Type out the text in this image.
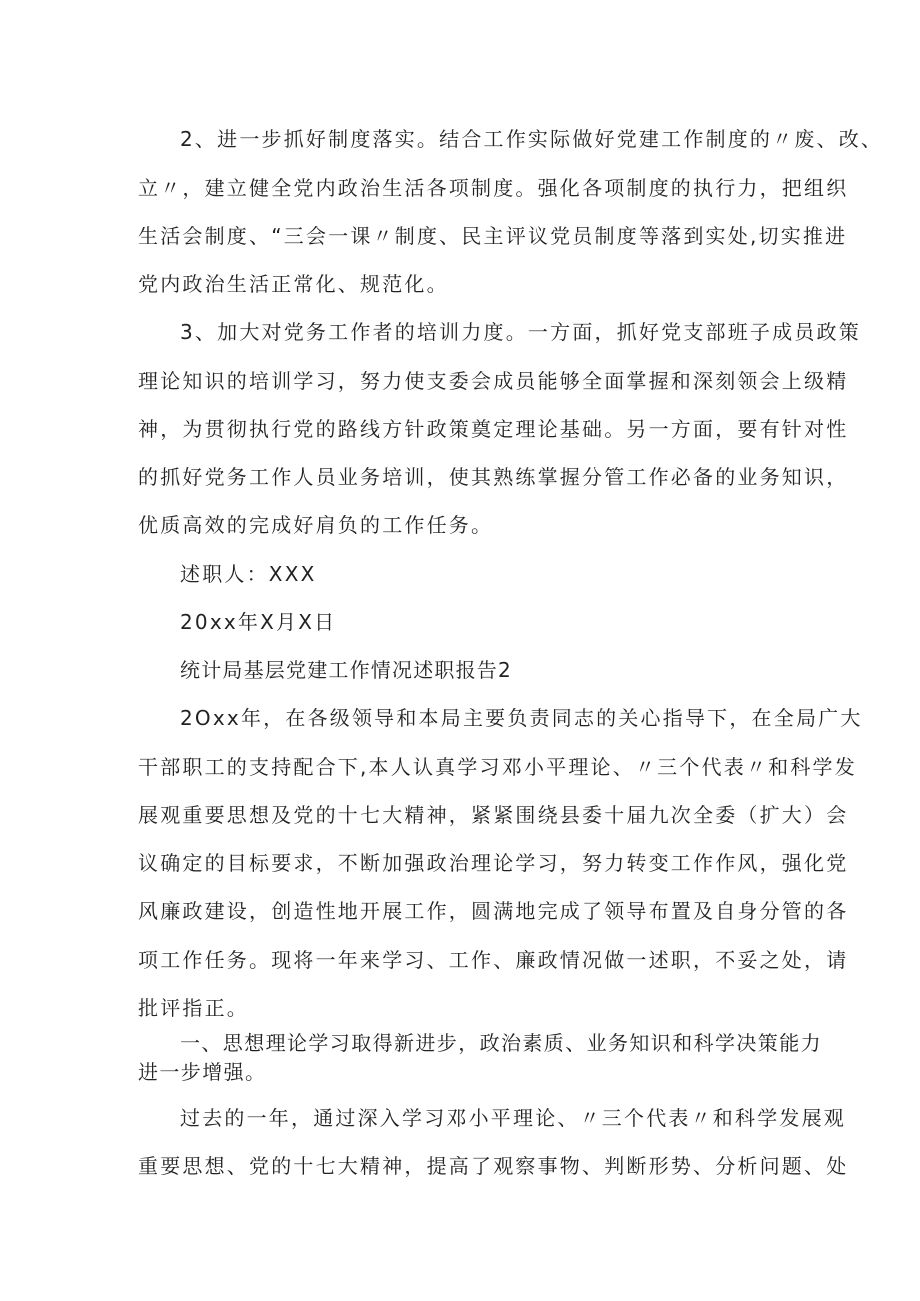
2、进一步抓好制度落实。结合工作实际做好党建工作制度的〃废、改、
立〃，建立健全党内政治生活各项制度。强化各项制度的执行力，把组织
生活会制度、“三会一课〃制度、民主评议党员制度等落到实处,切实推进
党内政治生活正常化、规范化。
3、加大对党务工作者的培训力度。一方面，抓好党支部班子成员政策
理论知识的培训学习，努力使支委会成员能够全面掌握和深刻领会上级精
神，为贯彻执行党的路线方针政策奠定理论基础。另一方面，要有针对性
的抓好党务工作人员业务培训，使其熟练掌握分管工作必备的业务知识，
优质高效的完成好肩负的工作任务。
述职人：XXX
20xx年X月X日
统计局基层党建工作情况述职报告2
2Oxx年，在各级领导和本局主要负责同志的关心指导下，在全局广大
干部职工的支持配合下,本人认真学习邓小平理论、〃三个代表〃和科学发
展观重要思想及党的十七大精神，紧紧围绕县委十届九次全委（扩大）会
议确定的目标要求，不断加强政治理论学习，努力转变工作作风，强化党
风廉政建设，创造性地开展工作，圆满地完成了领导布置及自身分管的各
项工作任务。现将一年来学习、工作、廉政情况做一述职，不妥之处，请
批评指正。
一、思想理论学习取得新进步，政治素质、业务知识和科学决策能力
进一步增强。
过去的一年，通过深入学习邓小平理论、〃三个代表〃和科学发展观
重要思想、党的十七大精神，提高了观察事物、判断形势、分析问题、处
